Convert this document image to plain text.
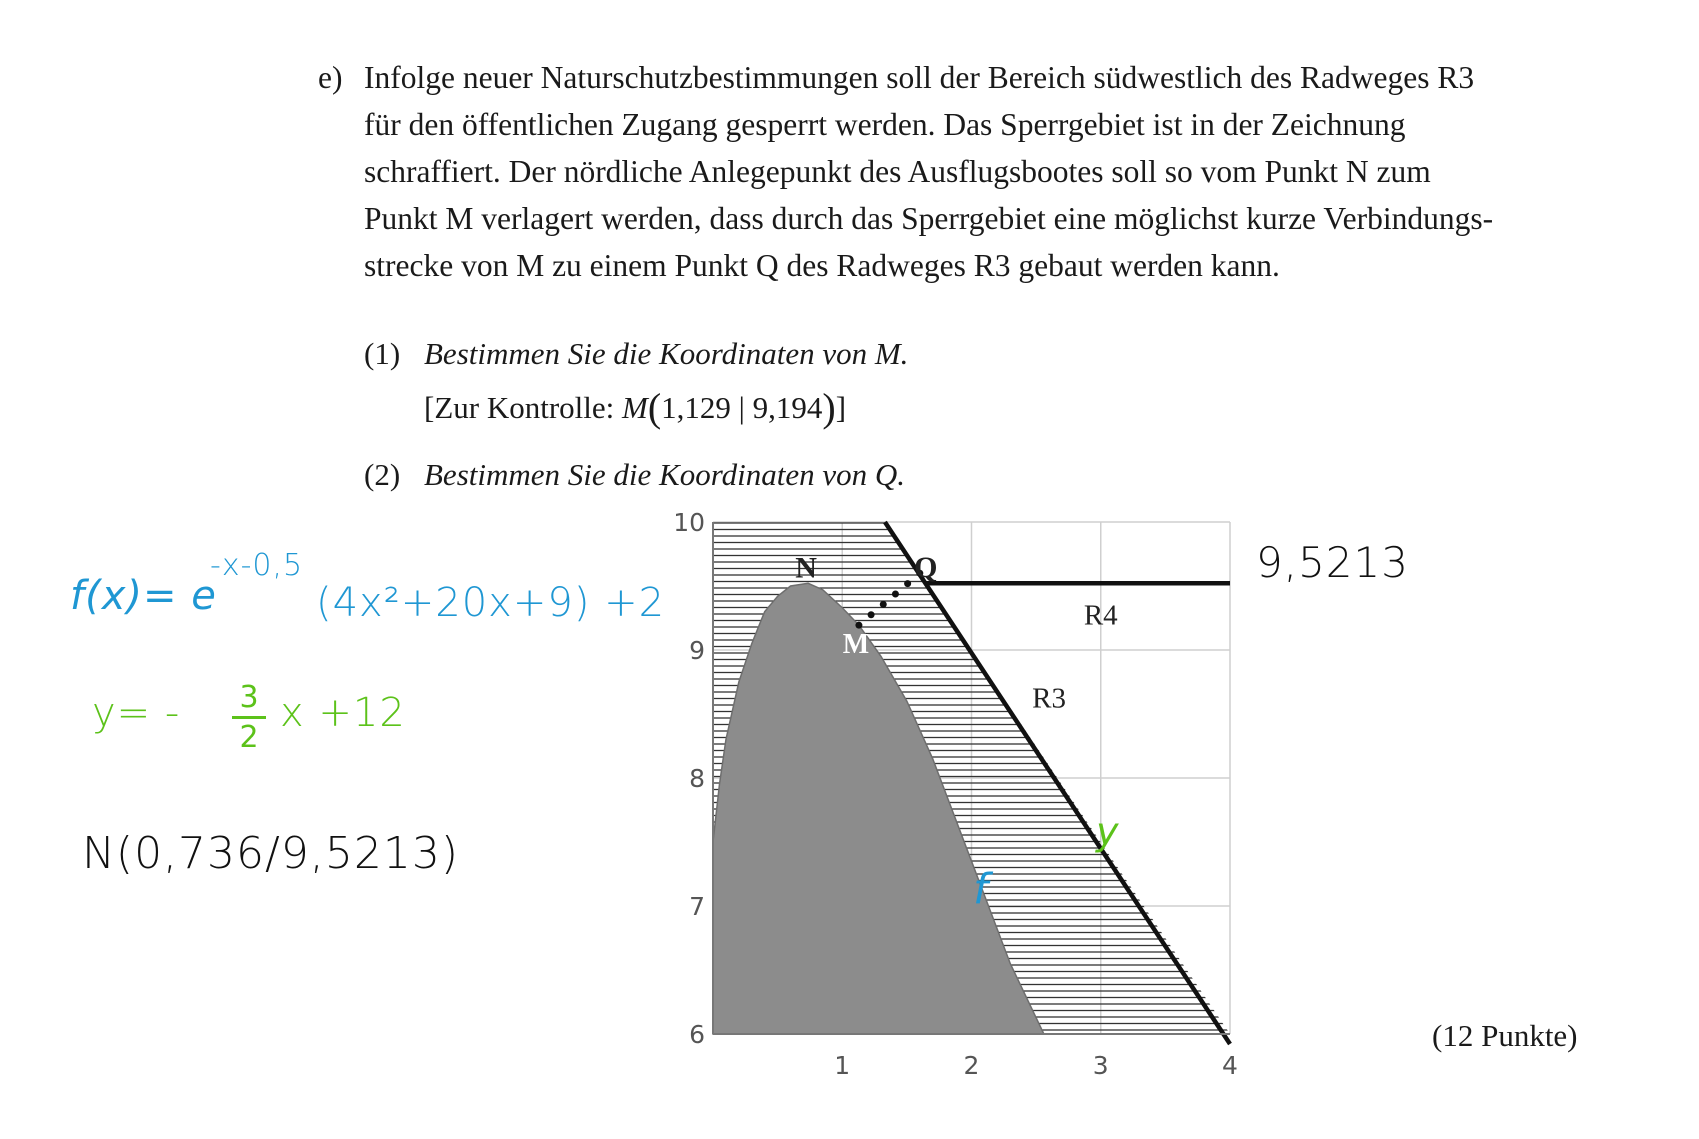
e) Infolge neuer Naturschutzbestimmungen soll der Bereich südwestlich des Radweges R3
für den öffentlichen Zugang gesperrt werden. Das Sperrgebiet ist in der Zeichnung
schraffiert. Der nördliche Anlegepunkt des Ausflugsbootes soll so vom Punkt N zum
Punkt M verlagert werden, dass durch das Sperrgebiet eine möglichst kurze Verbindungs-
strecke von M zu einem Punkt Q des Radweges R3 gebaut werden kann.
(1) Bestimmen Sie die Koordinaten von M.
[Zur Kontrolle: M(1,129 | 9,194)]
(2) Bestimmen Sie die Koordinaten von Q.
(12 Punkte)
f(x)= e
-x-0,5
(4x²+20x+9) +2
y= - 3
2
x +12
N(0,736/9,5213)
9,5213
1	2	3	4
6
7
8
9
10
N
M
Q
R3
R4
f
y
